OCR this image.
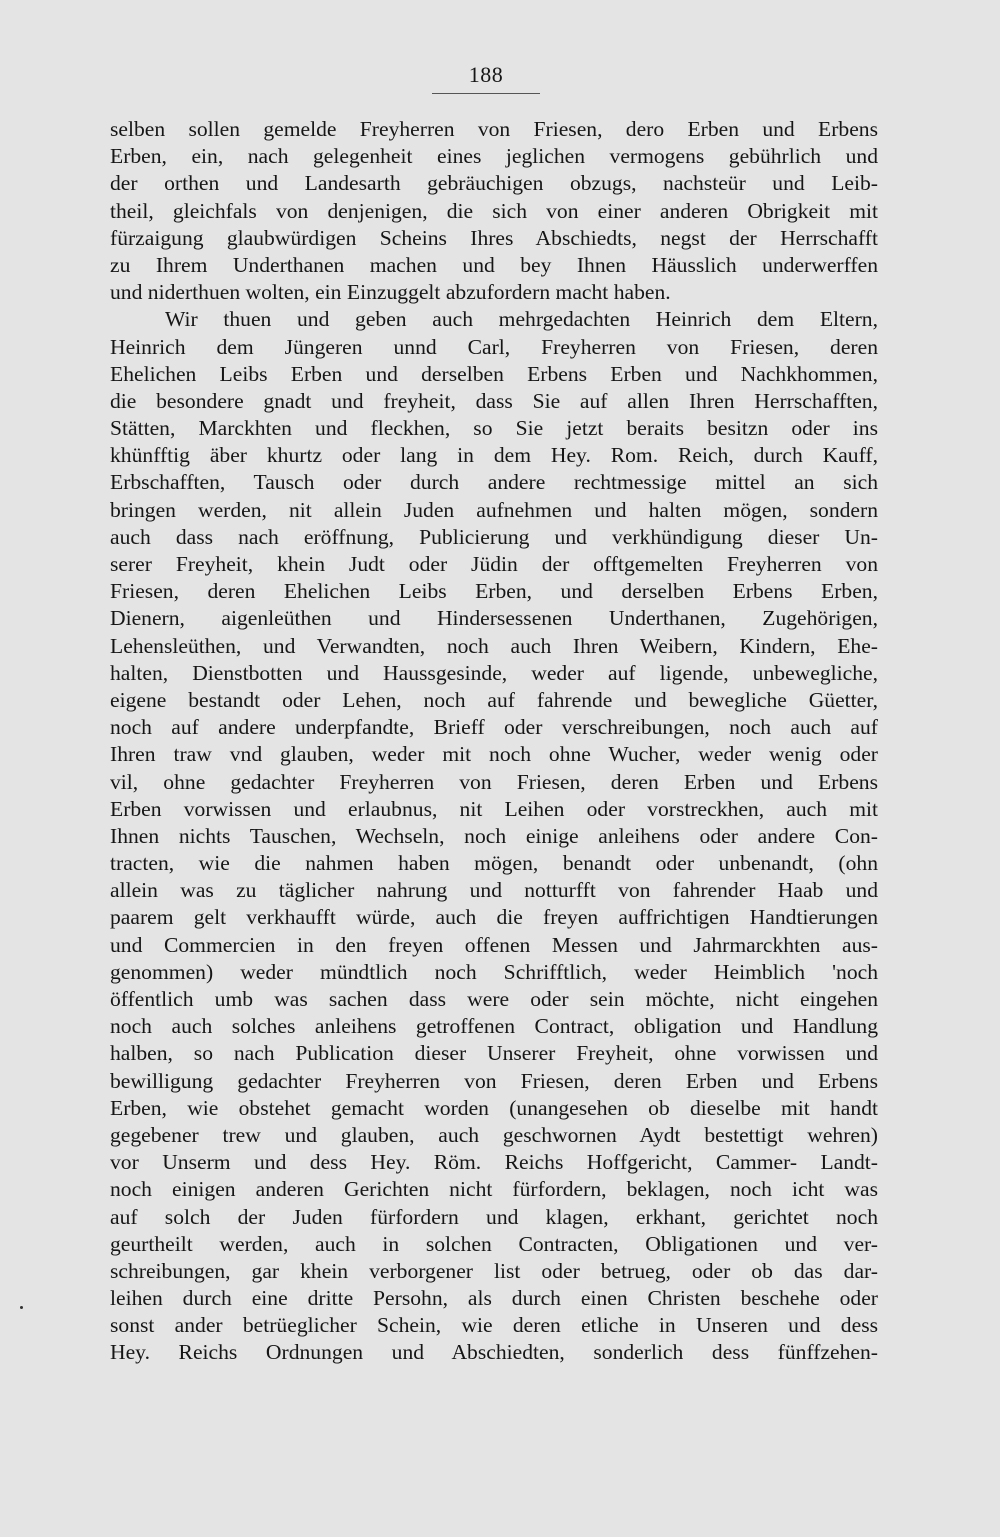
188
selben sollen gemelde Freyherren von Friesen, dero Erben und Erbens
Erben, ein, nach gelegenheit eines jeglichen vermogens gebührlich und
der orthen und Landesarth gebräuchigen obzugs, nachsteür und Leib-
theil, gleichfals von denjenigen, die sich von einer anderen Obrigkeit mit
fürzaigung glaubwürdigen Scheins Ihres Abschiedts, negst der Herrschafft
zu Ihrem Underthanen machen und bey Ihnen Häusslich underwerffen
und niderthuen wolten, ein Einzuggelt abzufordern macht haben.
Wir thuen und geben auch mehrgedachten Heinrich dem Eltern,
Heinrich dem Jüngeren unnd Carl, Freyherren von Friesen, deren
Ehelichen Leibs Erben und derselben Erbens Erben und Nachkhommen,
die besondere gnadt und freyheit, dass Sie auf allen Ihren Herrschafften,
Stätten, Marckhten und fleckhen, so Sie jetzt beraits besitzn oder ins
khünfftig äber khurtz oder lang in dem Hey. Rom. Reich, durch Kauff,
Erbschafften, Tausch oder durch andere rechtmessige mittel an sich
bringen werden, nit allein Juden aufnehmen und halten mögen, sondern
auch dass nach eröffnung, Publicierung und verkhündigung dieser Un-
serer Freyheit, khein Judt oder Jüdin der offtgemelten Freyherren von
Friesen, deren Ehelichen Leibs Erben, und derselben Erbens Erben,
Dienern, aigenleüthen und Hindersessenen Underthanen, Zugehörigen,
Lehensleüthen, und Verwandten, noch auch Ihren Weibern, Kindern, Ehe-
halten, Dienstbotten und Haussgesinde, weder auf ligende, unbewegliche,
eigene bestandt oder Lehen, noch auf fahrende und bewegliche Güetter,
noch auf andere underpfandte, Brieff oder verschreibungen, noch auch auf
Ihren traw vnd glauben, weder mit noch ohne Wucher, weder wenig oder
vil, ohne gedachter Freyherren von Friesen, deren Erben und Erbens
Erben vorwissen und erlaubnus, nit Leihen oder vorstreckhen, auch mit
Ihnen nichts Tauschen, Wechseln, noch einige anleihens oder andere Con-
tracten, wie die nahmen haben mögen, benandt oder unbenandt, (ohn
allein was zu täglicher nahrung und notturfft von fahrender Haab und
paarem gelt verkhaufft würde, auch die freyen auffrichtigen Handtierungen
und Commercien in den freyen offenen Messen und Jahrmarckhten aus-
genommen) weder mündtlich noch Schrifftlich, weder Heimblich 'noch
öffentlich umb was sachen dass were oder sein möchte, nicht eingehen
noch auch solches anleihens getroffenen Contract, obligation und Handlung
halben, so nach Publication dieser Unserer Freyheit, ohne vorwissen und
bewilligung gedachter Freyherren von Friesen, deren Erben und Erbens
Erben, wie obstehet gemacht worden (unangesehen ob dieselbe mit handt
gegebener trew und glauben, auch geschwornen Aydt bestettigt wehren)
vor Unserm und dess Hey. Röm. Reichs Hoffgericht, Cammer- Landt-
noch einigen anderen Gerichten nicht fürfordern, beklagen, noch icht was
auf solch der Juden fürfordern und klagen, erkhant, gerichtet noch
geurtheilt werden, auch in solchen Contracten, Obligationen und ver-
schreibungen, gar khein verborgener list oder betrueg, oder ob das dar-
leihen durch eine dritte Persohn, als durch einen Christen beschehe oder
sonst ander betrüeglicher Schein, wie deren etliche in Unseren und dess
Hey. Reichs Ordnungen und Abschiedten, sonderlich dess fünffzehen-
